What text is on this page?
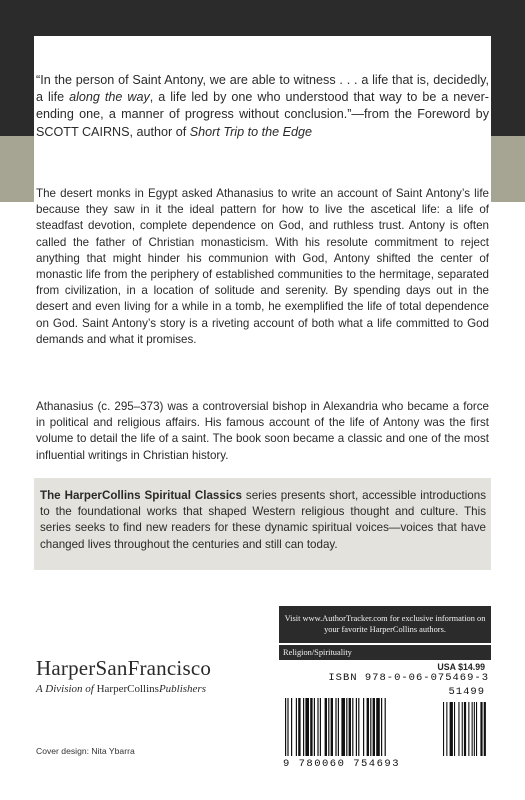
“In the person of Saint Antony, we are able to witness . . . a life that is, decidedly, a life along the way, a life led by one who understood that way to be a never-ending one, a manner of progress without conclusion.”—from the Foreword by SCOTT CAIRNS, author of Short Trip to the Edge

The desert monks in Egypt asked Athanasius to write an account of Saint Antony’s life because they saw in it the ideal pattern for how to live the ascetical life: a life of steadfast devotion, complete dependence on God, and ruthless trust. Antony is often called the father of Christian monasticism. With his resolute commitment to reject anything that might hinder his communion with God, Antony shifted the center of monastic life from the periphery of established communities to the hermitage, separated from civilization, in a location of solitude and serenity. By spending days out in the desert and even living for a while in a tomb, he exemplified the life of total dependence on God. Saint Antony’s story is a riveting account of both what a life committed to God demands and what it promises.

Athanasius (c. 295–373) was a controversial bishop in Alexandria who became a force in political and religious affairs. His famous account of the life of Antony was the first volume to detail the life of a saint. The book soon became a classic and one of the most influential writings in Christian history.

The HarperCollins Spiritual Classics series presents short, accessible introductions to the foundational works that shaped Western religious thought and culture. This series seeks to find new readers for these dynamic spiritual voices—voices that have changed lives throughout the centuries and still can today.

HarperSanFrancisco
A Division of HarperCollinsPublishers
Cover design: Nita Ybarra
Visit www.AuthorTracker.com for exclusive information on your favorite HarperCollins authors.
Religion/Spirituality
USA $14.99
ISBN 978-0-06-075469-3
51499
9 780060 754693
